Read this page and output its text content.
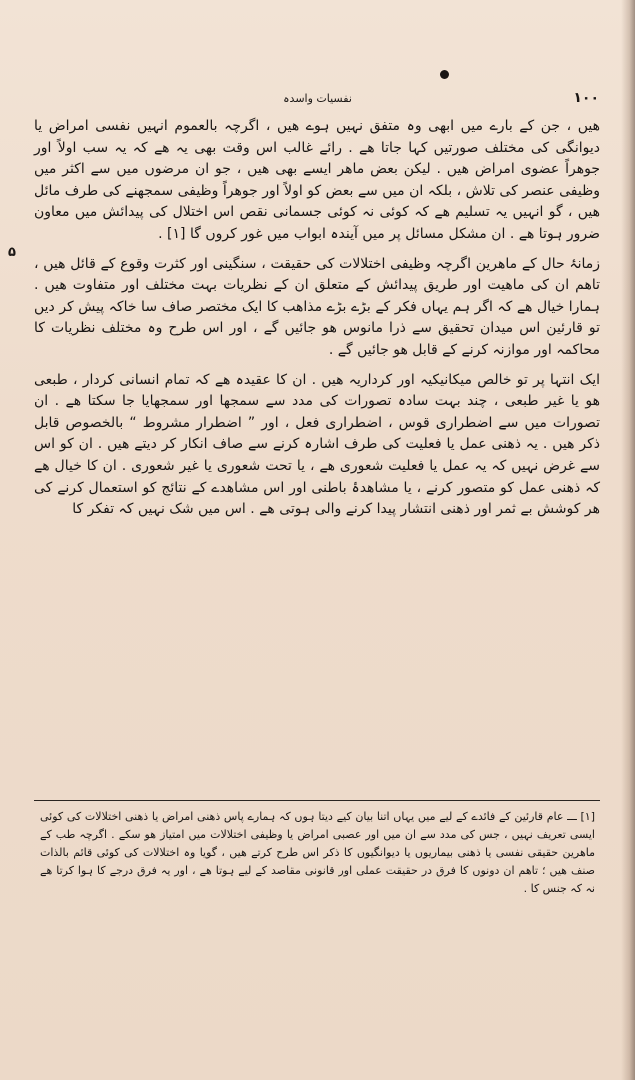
۱۰۰
نفسیات واسدہ
۵

ھیں ، جن کے بارے میں ابھی وہ متفق نہیں ہوے ھیں ، اگرچہ بالعموم انہیں نفسی امراض یا دیوانگی کی مختلف صورتیں کہا جاتا ھے . رائے غالب اس وقت بھی یہ ھے کہ یہ سب اولاً اور جوھراً عضوی امراض ھیں . لیکن بعض ماھر ایسے بھی ھیں ، جو ان مرضوں میں سے اکثر میں وظیفی عنصر کی تلاش ، بلکہ ان میں سے بعض کو اولاً اور جوھراً وظیفی سمجھنے کی طرف مائل ھیں ، گو انہیں یہ تسلیم ھے کہ کوئی نہ کوئی جسمانی نقص اس اختلال کی پیدائش میں معاون ضرور ہوتا ھے . ان مشکل مسائل پر میں آیندہ ابواب میں غور کروں گا [۱] .

زمانۂ حال کے ماھرین اگرچہ وظیفی اختلالات کی حقیقت ، سنگینی اور کثرت وقوع کے قائل ھیں ، تاھم ان کی ماھیت اور طریق پیدائش کے متعلق ان کے نظریات بہت مختلف اور متفاوت ھیں . ہمارا خیال ھے کہ اگر ہم یہاں فکر کے بڑے بڑے مذاھب کا ایک مختصر صاف سا خاکہ پیش کر دیں تو قارئین اس میدان تحقیق سے ذرا مانوس ھو جائیں گے ، اور اس طرح وہ مختلف نظریات کا محاکمہ اور موازنہ کرنے کے قابل ھو جائیں گے .

ایک انتہا پر تو خالص میکانیکیہ اور کرداریہ ھیں . ان کا عقیدہ ھے کہ تمام انسانی کردار ، طبعی ھو یا غیر طبعی ، چند بہت سادہ تصورات کی مدد سے سمجھا اور سمجھایا جا سکتا ھے . ان تصورات میں سے اضطراری قوس ، اضطراری فعل ، اور ” اضطرار مشروط “ بالخصوص قابل ذکر ھیں . یہ ذھنی عمل یا فعلیت کی طرف اشارہ کرنے سے صاف انکار کر دیتے ھیں . ان کو اس سے غرض نہیں کہ یہ عمل یا فعلیت شعوری ھے ، یا تحت شعوری یا غیر شعوری . ان کا خیال ھے کہ ذھنی عمل کو متصور کرنے ، یا مشاھدۂ باطنی اور اس مشاھدے کے نتائج کو استعمال کرنے کی ھر کوشش بے ثمر اور ذھنی انتشار پیدا کرنے والی ہوتی ھے . اس میں شک نہیں کہ تفکر کا

[۱] ـــ عام قارئین کے فائدے کے لیے میں یہاں اتنا بیان کیے دیتا ہوں کہ ہمارے پاس ذھنی امراض یا ذھنی اختلالات کی کوئی ایسی تعریف نہیں ، جس کی مدد سے ان میں اور عصبی امراض یا وظیفی اختلالات میں امتیاز ھو سکے . اگرچہ طب کے ماھرین حقیقی نفسی یا ذھنی بیماریوں یا دیوانگیوں کا ذکر اس طرح کرتے ھیں ، گویا وہ اختلالات کی کوئی قائم بالذات صنف ھیں ؛ تاھم ان دونوں کا فرق در حقیقت عملی اور قانونی مقاصد کے لیے ہوتا ھے ، اور یہ فرق درجے کا ہوا کرتا ھے نہ کہ جنس کا .
